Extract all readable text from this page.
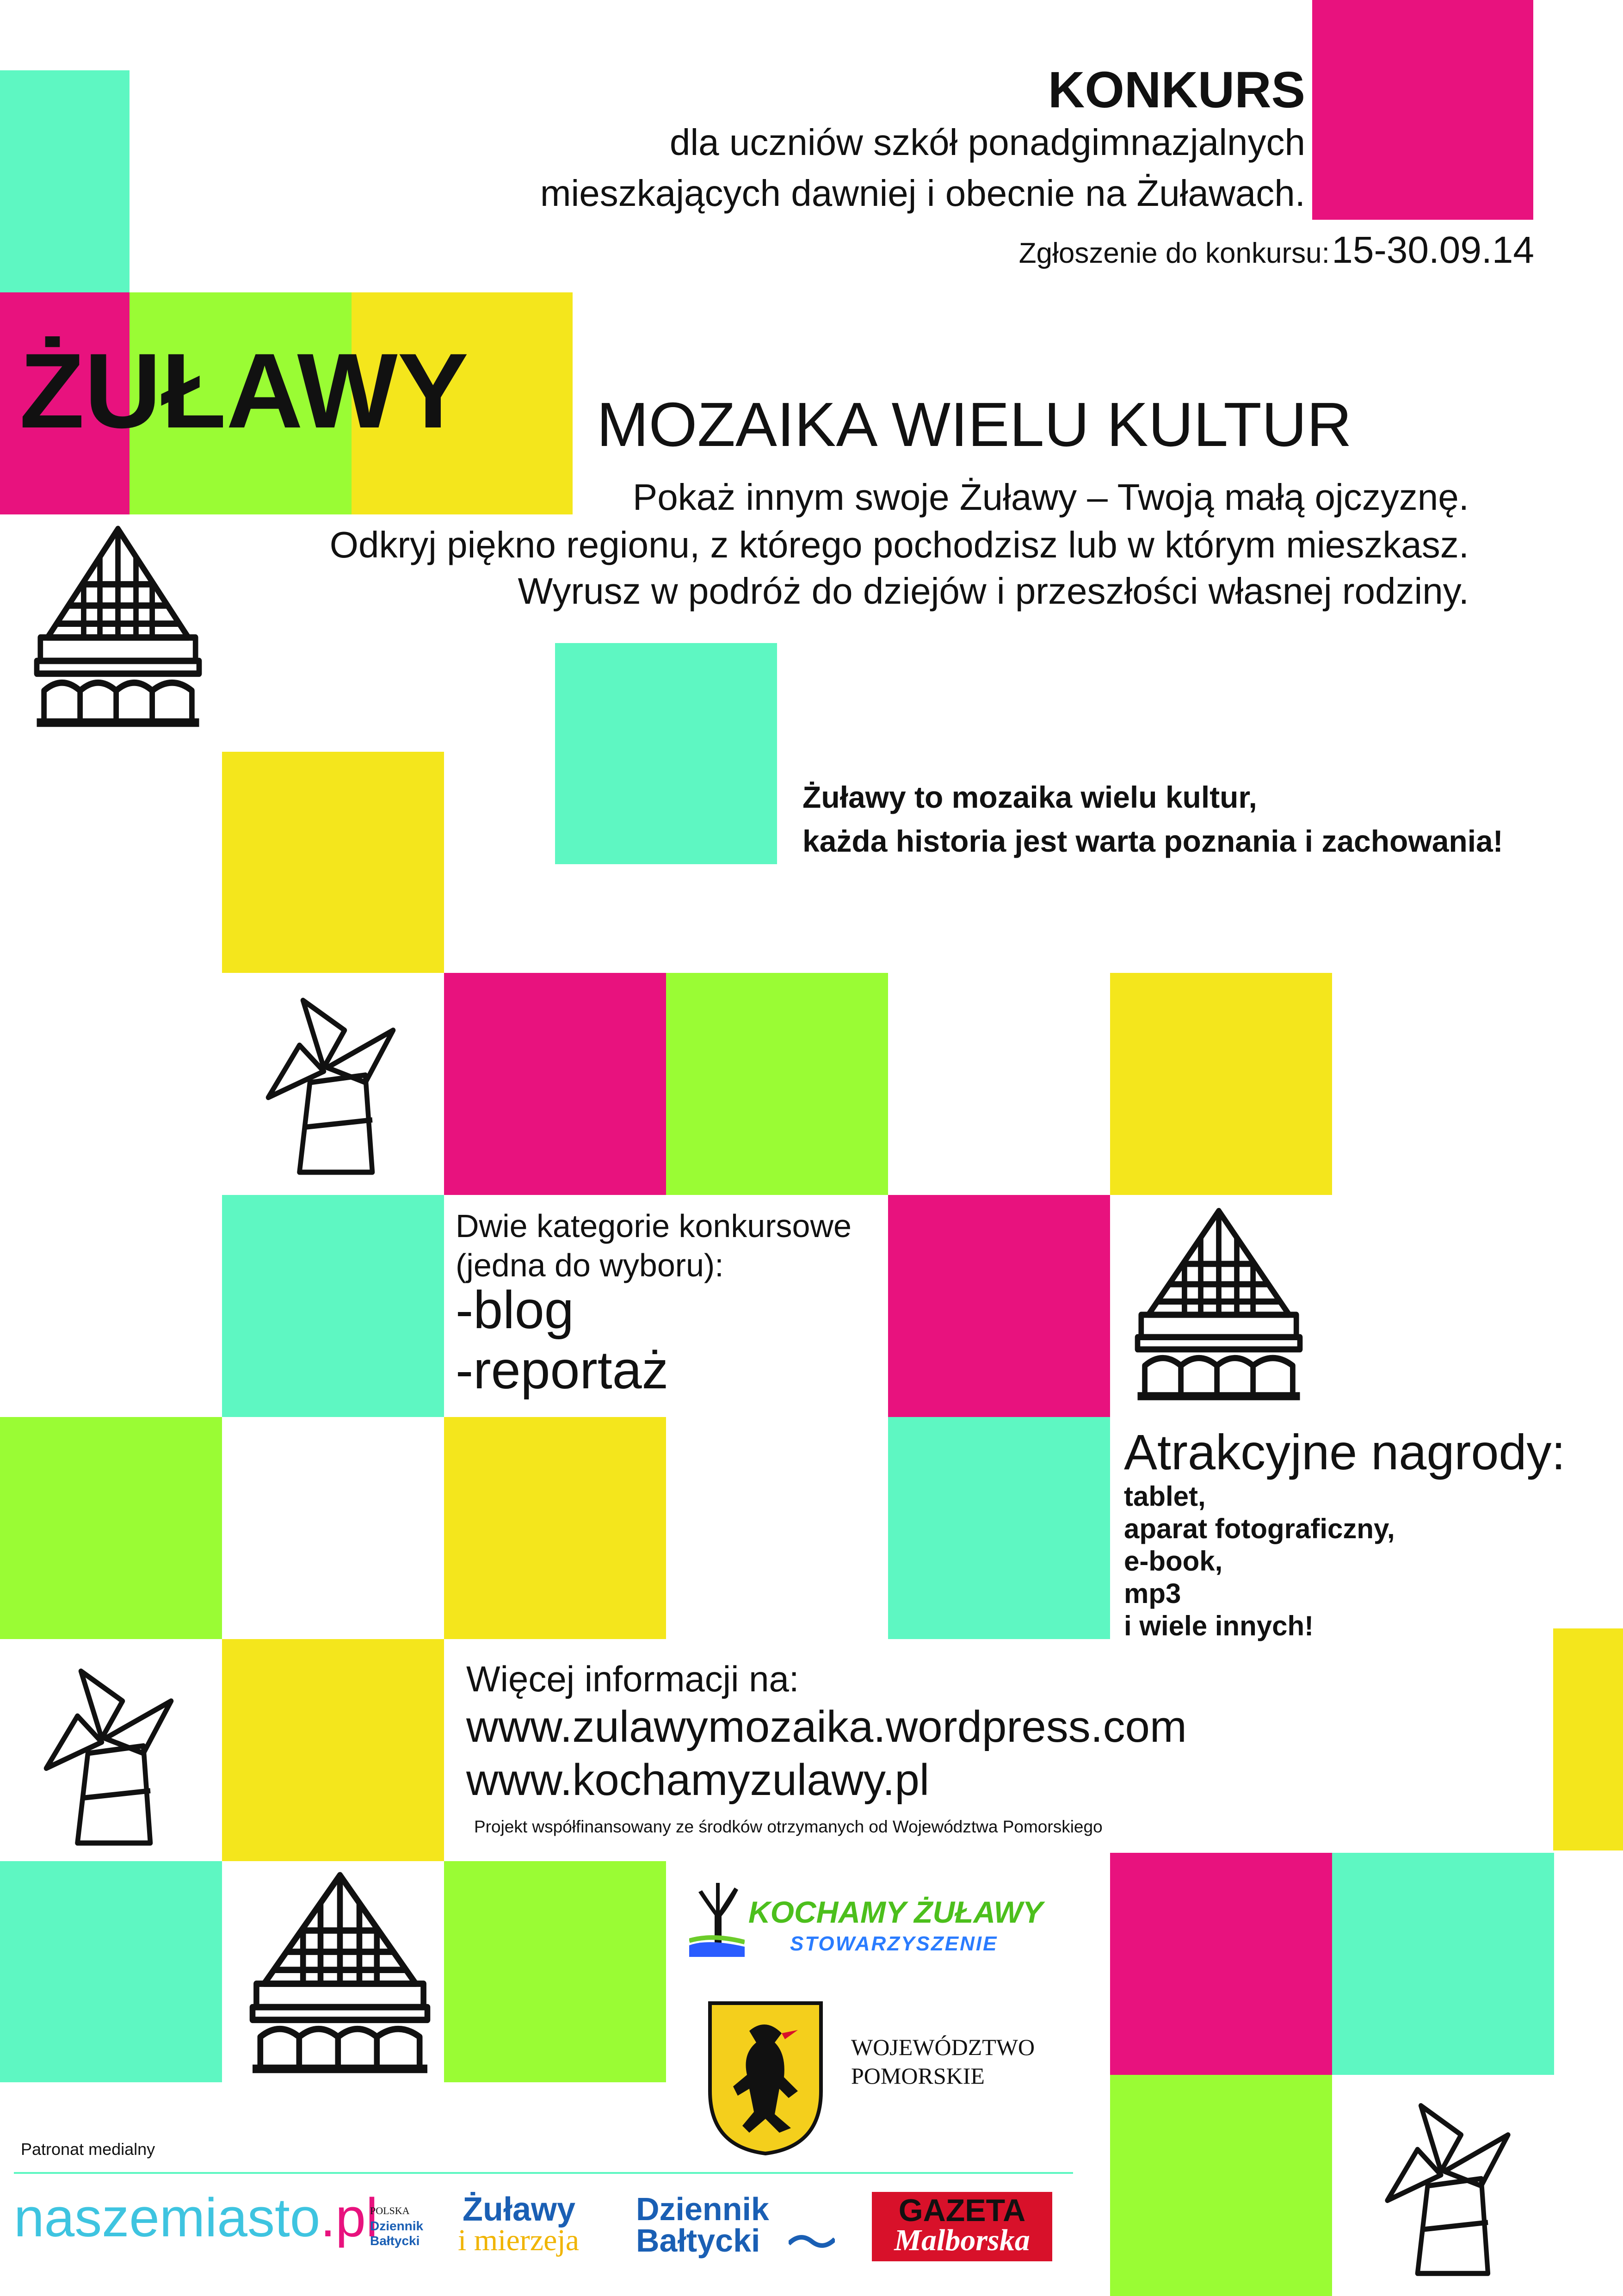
KONKURS
dla uczniów szkół ponadgimnazjalnych
mieszkających dawniej i obecnie na Żuławach.
Zgłoszenie do konkursu: 15-30.09.14
ŻUŁAWY MOZAIKA WIELU KULTUR
Pokaż innym swoje Żuławy – Twoją małą ojczyznę.
Odkryj piękno regionu, z którego pochodzisz lub w którym mieszkasz.
Wyrusz w podróż do dziejów i przeszłości własnej rodziny.
Żuławy to mozaika wielu kultur,
każda historia jest warta poznania i zachowania!
Dwie kategorie konkursowe
(jedna do wyboru):
-blog
-reportaż
Atrakcyjne nagrody:
tablet,
aparat fotograficzny,
e-book,
mp3
i wiele innych!
Więcej informacji na:
www.zulawymozaika.wordpress.com
www.kochamyzulawy.pl
Projekt współfinansowany ze środków otrzymanych od Województwa Pomorskiego
KOCHAMY ŻUŁAWY
STOWARZYSZENIE
WOJEWÓDZTWO
POMORSKIE
Patronat medialny
naszemiasto.pl
POLSKA
Dziennik
Bałtycki
Żuławy
i mierzeja
Dziennik
Bałtycki
GAZETA
Malborska
